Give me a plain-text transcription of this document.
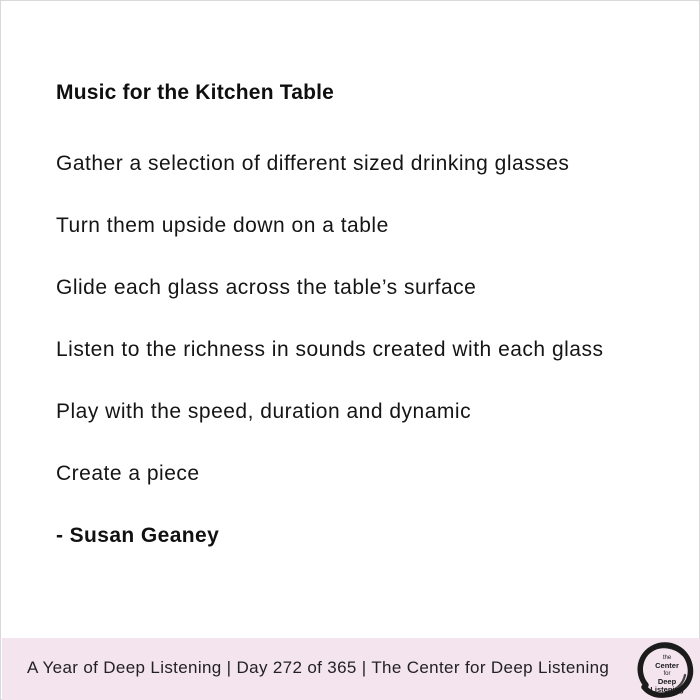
Music for the Kitchen Table
Gather a selection of different sized drinking glasses
Turn them upside down on a table
Glide each glass across the table’s surface
Listen to the richness in sounds created with each glass
Play with the speed, duration and dynamic
Create a piece
- Susan Geaney
A Year of Deep Listening | Day 272 of 365 | The Center for Deep Listening	the
Center
for
Deep
Listening
